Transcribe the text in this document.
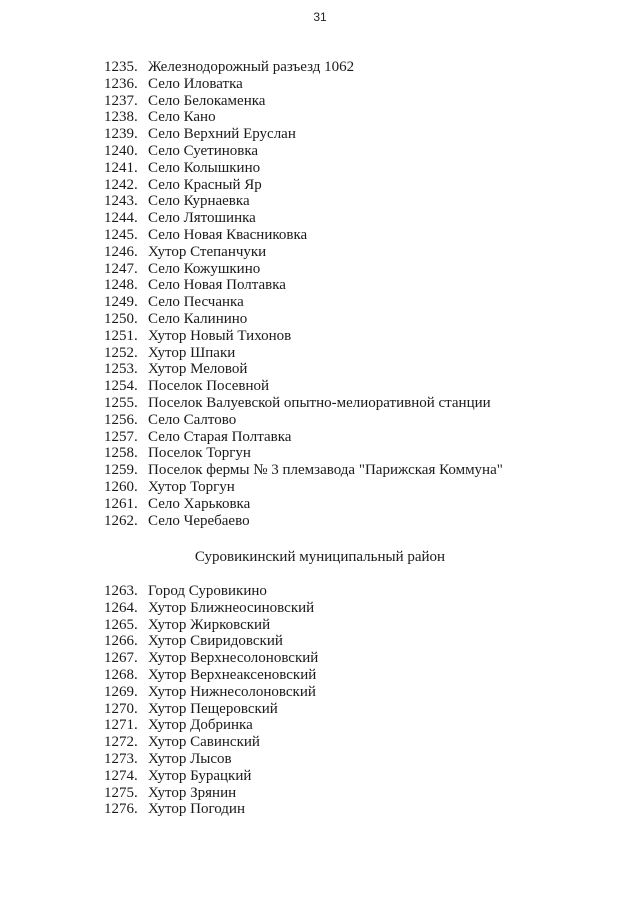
31
1235. Железнодорожный разъезд 1062
1236. Село Иловатка
1237. Село Белокаменка
1238. Село Кано
1239. Село Верхний Еруслан
1240. Село Суетиновка
1241. Село Колышкино
1242. Село Красный Яр
1243. Село Курнаевка
1244. Село Лятошинка
1245. Село Новая Квасниковка
1246. Хутор Степанчуки
1247. Село Кожушкино
1248. Село Новая Полтавка
1249. Село Песчанка
1250. Село Калинино
1251. Хутор Новый Тихонов
1252. Хутор Шпаки
1253. Хутор Меловой
1254. Поселок Посевной
1255. Поселок Валуевской опытно-мелиоративной станции
1256. Село Салтово
1257. Село Старая Полтавка
1258. Поселок Торгун
1259. Поселок фермы № 3 племзавода "Парижская Коммуна"
1260. Хутор Торгун
1261. Село Харьковка
1262. Село Черебаево
Суровикинский муниципальный район
1263. Город Суровикино
1264. Хутор Ближнеосиновский
1265. Хутор Жирковский
1266. Хутор Свиридовский
1267. Хутор Верхнесолоновский
1268. Хутор Верхнеаксеновский
1269. Хутор Нижнесолоновский
1270. Хутор Пещеровский
1271. Хутор Добринка
1272. Хутор Савинский
1273. Хутор Лысов
1274. Хутор Бурацкий
1275. Хутор Зрянин
1276. Хутор Погодин
